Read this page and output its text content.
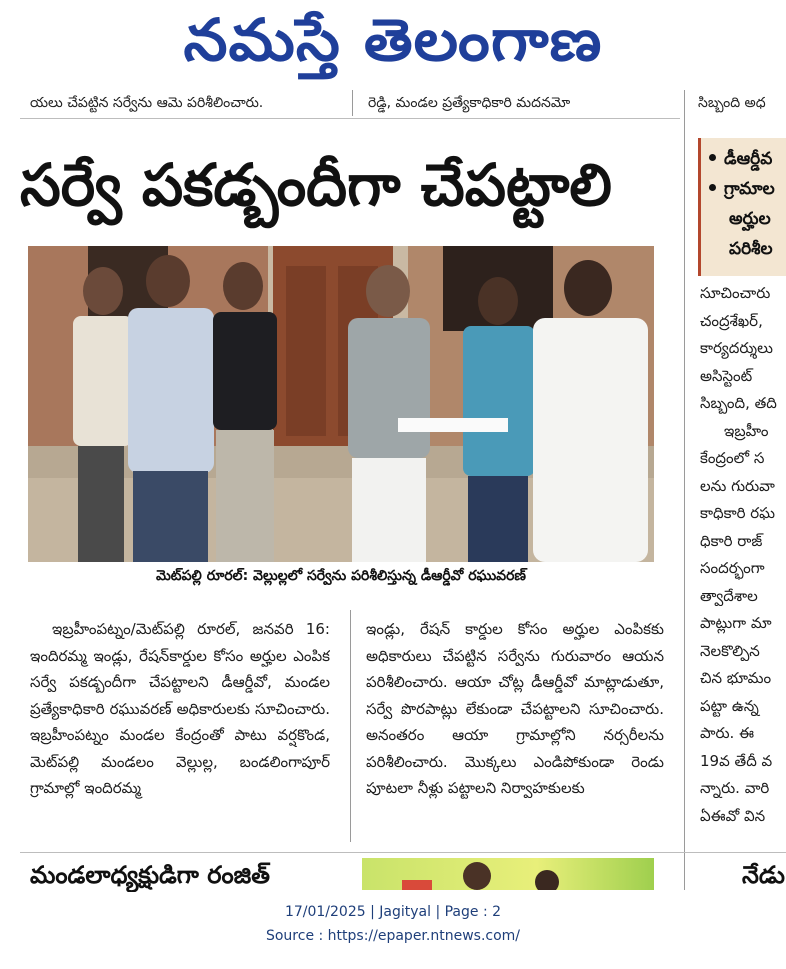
నమస్తే తెలంగాణ
యలు చేపట్టిన సర్వేను ఆమె పరిశీలించారు.	రెడ్డి, మండల ప్రత్యేకాధికారి మదనమో	సిబ్బంది అధ
సర్వే పకడ్బందీగా చేపట్టాలి
మెట్‌పల్లి రూరల్: వెల్లుల్లలో సర్వేను పరిశీలిస్తున్న డీఆర్డీవో రఘువరణ్

ఇబ్రహీంపట్నం/మెట్‌పల్లి రూరల్, జనవరి 16: ఇందిరమ్మ ఇండ్లు, రేషన్‌కార్డుల కోసం అర్హుల ఎంపిక సర్వే పకడ్బందీగా చేపట్టాలని డీఆర్డీవో, మండల ప్రత్యేకాధికారి రఘువరణ్ అధికారులకు సూచించారు. ఇబ్రహీంపట్నం మండల కేంద్రంతో పాటు వర్షకొండ, మెట్‌పల్లి మండలం వెల్లుల్ల, బండలింగాపూర్ గ్రామాల్లో ఇందిరమ్మ

ఇండ్లు, రేషన్ కార్డుల కోసం అర్హుల ఎంపికకు అధికారులు చేపట్టిన సర్వేను గురువారం ఆయన పరిశీలించారు. ఆయా చోట్ల డీఆర్డీవో మాట్లాడుతూ, సర్వే పొరపాట్లు లేకుండా చేపట్టాలని సూచించారు. అనంతరం ఆయా గ్రామాల్లోని నర్సరీలను పరిశీలించారు. మొక్కలు ఎండిపోకుండా రెండు పూటలా నీళ్లు పట్టాలని నిర్వాహకులకు

డీఆర్డీవ
గ్రామాల
అర్హుల
పరిశీల
సూచించారు
చంద్రశేఖర్,
కార్యదర్శులు
అసిస్టెంట్
సిబ్బంది, తది
ఇబ్రహీం
కేంద్రంలో స
లను గురువా
కాధికారి రఘ
ధికారి రాజ్
సందర్భంగా
త్వాదేశాల
పాట్లుగా మా
నెలకొల్పిన
చిన భూమం
పట్టా ఉన్న
పారు. ఈ
19వ తేదీ వ
న్నారు. వారి
ఏఈవో విన
మండలాధ్యక్షుడిగా రంజిత్	నేడు
17/01/2025 | Jagityal | Page : 2
Source : https://epaper.ntnews.com/
